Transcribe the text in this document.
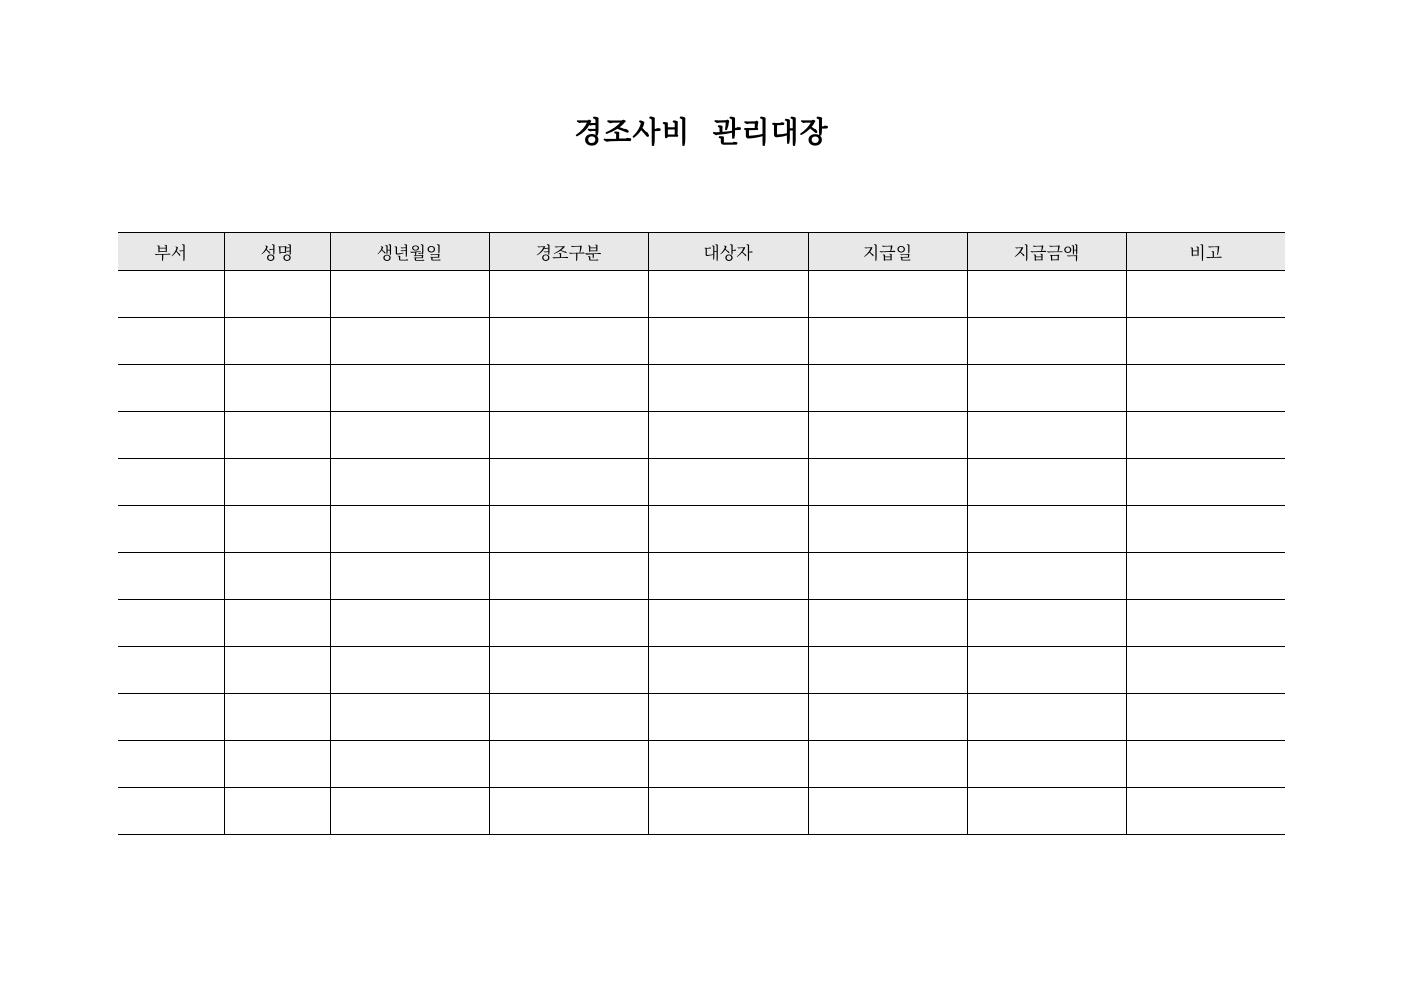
경조사비  관리대장
부서	성명	생년월일	경조구분	대상자	지급일	지급금액	비고
